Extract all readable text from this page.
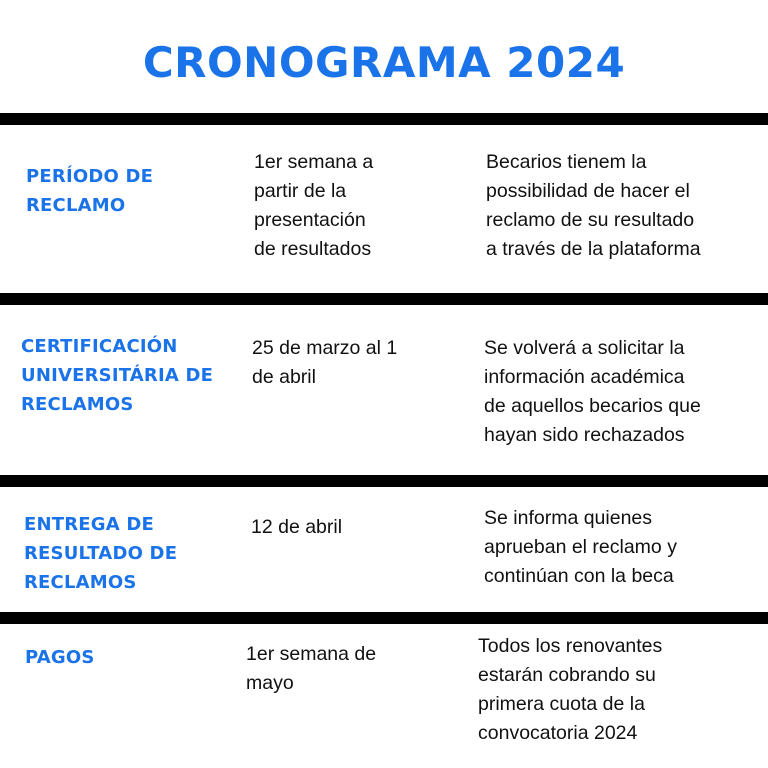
CRONOGRAMA 2024
PERÍODO DE
RECLAMO
1er semana a
partir de la
presentación
de resultados
Becarios tienem la
possibilidad de hacer el
reclamo de su resultado
a través de la plataforma
CERTIFICACIÓN
UNIVERSITÁRIA DE
RECLAMOS
25 de marzo al 1
de abril
Se volverá a solicitar la
información académica
de aquellos becarios que
hayan sido rechazados
ENTREGA DE
RESULTADO DE
RECLAMOS
12 de abril	Se informa quienes
aprueban el reclamo y
continúan con la beca
PAGOS	1er semana de
mayo
Todos los renovantes
estarán cobrando su
primera cuota de la
convocatoria 2024
